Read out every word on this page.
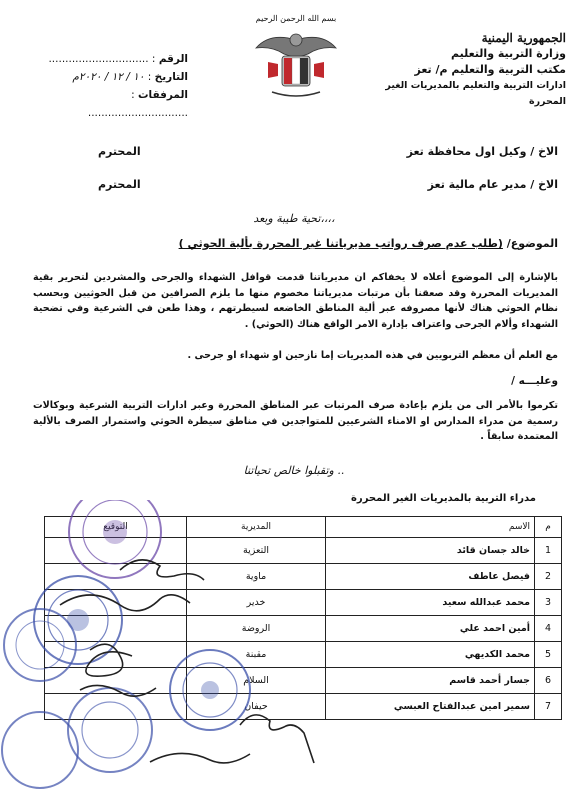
الجمهورية اليمنية
وزارة التربية والتعليم
مكتب التربية والتعليم م/ تعز
ادارات التربية والتعليم بالمديريات الغير المحررة
بسم الله الرحمن الرحيم
الرقم : ..............................
التاريخ : ١٠ / ١٢ / ٢٠٢٠م
المرفقات : ..............................
الاخ / وكيل اول محافظة تعز
المحترم
الاخ / مدير عام مالية تعز
المحترم
تحية طيبة وبعد،،،،
الموضوع/ (طلب عدم صرف رواتب مديرياتنا غير المحررة بألية الحوثي )
بالإشارة إلى الموضوع أعلاه لا يخفاكم ان مديرياتنا قدمت قوافل الشهداء والجرحى والمشردين لتحرير بقية المديريات المحررة وقد صعقنا بأن مرتبات مديرياتنا مخصوم منها ما يلزم الصرافين من قبل الحوثيين وبحسب نظام الحوثي هناك لأنها مصروفه عبر ألية المناطق الخاضعه لسيطرتهم ، وهذا طعن في الشرعية وفي تضحية الشهداء وألام الجرحى واعتراف بإدارة الامر الواقع هناك (الحوثي) .
مع العلم أن معظم التربويين في هذه المديريات إما نازحين او شهداء او جرحى .
وعليـــه /
تكرموا بالأمر الى من يلزم بإعادة صرف المرتبات عبر المناطق المحررة وعبر ادارات التربية الشرعية وبوكالات رسمية من مدراء المدارس او الامناء الشرعيين للمتواجدين في مناطق سيطرة الحوثي واستمرار الصرف بالألية المعتمدة سابقاً .
وتقبلوا خالص تحياتنا ..
مدراء التربية بالمديريات الغير المحررة
م	الاسم	المديرية	التوقيع
1	خالد جسان قائد	التعزية	
2	فيصل عاطف	ماوية	
3	محمد عبدالله سعيد	خدير	
4	أمين احمد علي	الروضة	
5	محمد الكديهي	مقبنة	
6	جسار أحمد قاسم	السلام	
7	سمير امين عبدالفتاح العبسي	حيفان	
